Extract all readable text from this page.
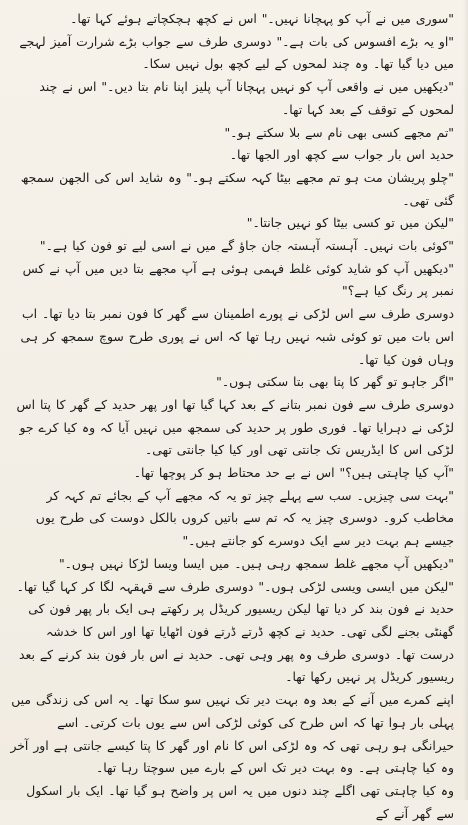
"سوری میں نے آپ کو پہچانا نہیں۔" اس نے کچھ ہچکچاتے ہوئے کہا تھا۔

"او یہ بڑے افسوس کی بات ہے۔" دوسری طرف سے جواب بڑے شرارت آمیز لہجے میں دیا گیا تھا۔ وہ چند لمحوں کے لیے کچھ بول نہیں سکا۔

"دیکھیں میں نے واقعی آپ کو نہیں پہچانا آپ پلیز اپنا نام بتا دیں۔" اس نے چند لمحوں کے توقف کے بعد کہا تھا۔

"تم مجھے کسی بھی نام سے بلا سکتے ہو۔"

حدید اس بار جواب سے کچھ اور الجھا تھا۔

"چلو پریشان مت ہو تم مجھے بیٹا کہہ سکتے ہو۔" وہ شاید اس کی الجھن سمجھ گئی تھی۔

"لیکن میں تو کسی بیٹا کو نہیں جانتا۔"

"کوئی بات نہیں۔ آہستہ آہستہ جان جاؤ گے میں نے اسی لیے تو فون کیا ہے۔"

"دیکھیں آپ کو شاید کوئی غلط فہمی ہوئی ہے آپ مجھے بتا دیں میں آپ نے کس نمبر پر رنگ کیا ہے؟"

دوسری طرف سے اس لڑکی نے پورے اطمینان سے گھر کا فون نمبر بتا دیا تھا۔ اب اس بات میں تو کوئی شبہ نہیں رہا تھا کہ اس نے پوری طرح سوچ سمجھ کر ہی وہاں فون کیا تھا۔

"اگر جاہو تو گھر کا پتا بھی بتا سکتی ہوں۔"

دوسری طرف سے فون نمبر بتانے کے بعد کہا گیا تھا اور پھر حدید کے گھر کا پتا اس لڑکی نے دہرایا تھا۔ فوری طور پر حدید کی سمجھ میں نہیں آیا کہ وہ کیا کرے جو لڑکی اس کا ایڈریس تک جانتی تھی اور کیا کیا جانتی تھی۔

"آپ کیا چاہتی ہیں؟" اس نے بے حد محتاط ہو کر پوچھا تھا۔

"بہت سی چیزیں۔ سب سے پہلے چیز تو یہ کہ مجھے آپ کے بجائے تم کہہ کر مخاطب کرو۔ دوسری چیز یہ کہ تم سے باتیں کروں بالکل دوست کی طرح یوں جیسے ہم بہت دیر سے ایک دوسرے کو جانتے ہیں۔"

"دیکھیں آپ مجھے غلط سمجھ رہی ہیں۔ میں ایسا ویسا لڑکا نہیں ہوں۔"

"لیکن میں ایسی ویسی لڑکی ہوں۔" دوسری طرف سے قہقہہ لگا کر کہا گیا تھا۔

حدید نے فون بند کر دیا تھا لیکن ریسیور کریڈل پر رکھتے ہی ایک بار پھر فون کی گھنٹی بجنے لگی تھی۔ حدید نے کچھ ڈرتے ڈرتے فون اٹھایا تھا اور اس کا خدشہ درست تھا۔ دوسری طرف وہ پھر وہی تھی۔ حدید نے اس بار فون بند کرنے کے بعد ریسیور کریڈل پر نہیں رکھا تھا۔

اپنے کمرے میں آنے کے بعد وہ بہت دیر تک نہیں سو سکا تھا۔ یہ اس کی زندگی میں پہلی بار ہوا تھا کہ اس طرح کی کوئی لڑکی اس سے یوں بات کرتی۔ اسے حیرانگی ہو رہی تھی کہ وہ لڑکی اس کا نام اور گھر کا پتا کیسے جانتی ہے اور آخر وہ کیا چاہتی ہے۔ وہ بہت دیر تک اس کے بارے میں سوچتا رہا تھا۔

وہ کیا چاہتی تھی اگلے چند دنوں میں یہ اس پر واضح ہو گیا تھا۔ ایک بار اسکول سے گھر آنے کے
